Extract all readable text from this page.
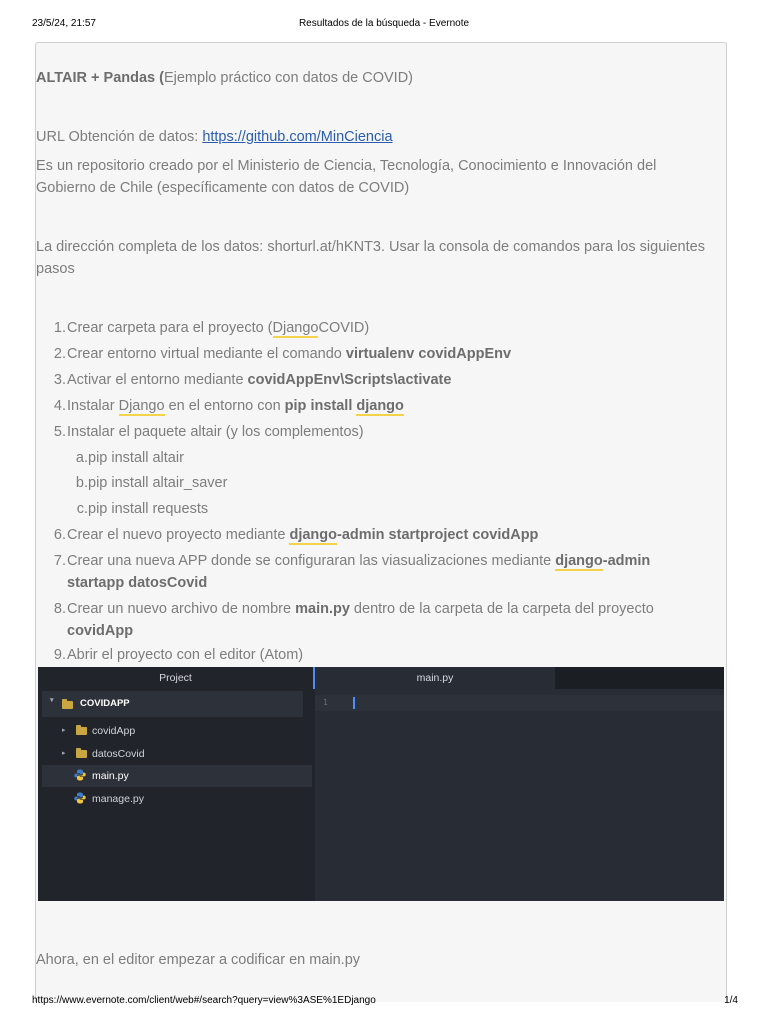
23/5/24, 21:57	Resultados de la búsqueda - Evernote
ALTAIR + Pandas (Ejemplo práctico con datos de COVID)
URL Obtención de datos: https://github.com/MinCiencia
Es un repositorio creado por el Ministerio de Ciencia, Tecnología, Conocimiento e Innovación del Gobierno de Chile (específicamente con datos de COVID)
La dirección completa de los datos: shorturl.at/hKNT3. Usar la consola de comandos para los siguientes pasos
1. Crear carpeta para el proyecto (DjangoCOVID)
2. Crear entorno virtual mediante el comando virtualenv covidAppEnv
3. Activar el entorno mediante covidAppEnv\Scripts\activate
4. Instalar Django en el entorno con pip install django
5. Instalar el paquete altair (y los complementos)
a. pip install altair
b. pip install altair_saver
c. pip install requests
6. Crear el nuevo proyecto mediante django-admin startproject covidApp
7. Crear una nueva APP donde se configuraran las viasualizaciones mediante django-admin startapp datosCovid
8. Crear un nuevo archivo de nombre main.py dentro de la carpeta de la carpeta del proyecto covidApp
9. Abrir el proyecto con el editor (Atom)
Project	main.py
▾	COVIDAPP
▸	covidApp
▸	datosCovid
main.py
manage.py
1
Ahora, en el editor empezar a codificar en main.py
https://www.evernote.com/client/web#/search?query=view%3ASE%1EDjango	1/4
